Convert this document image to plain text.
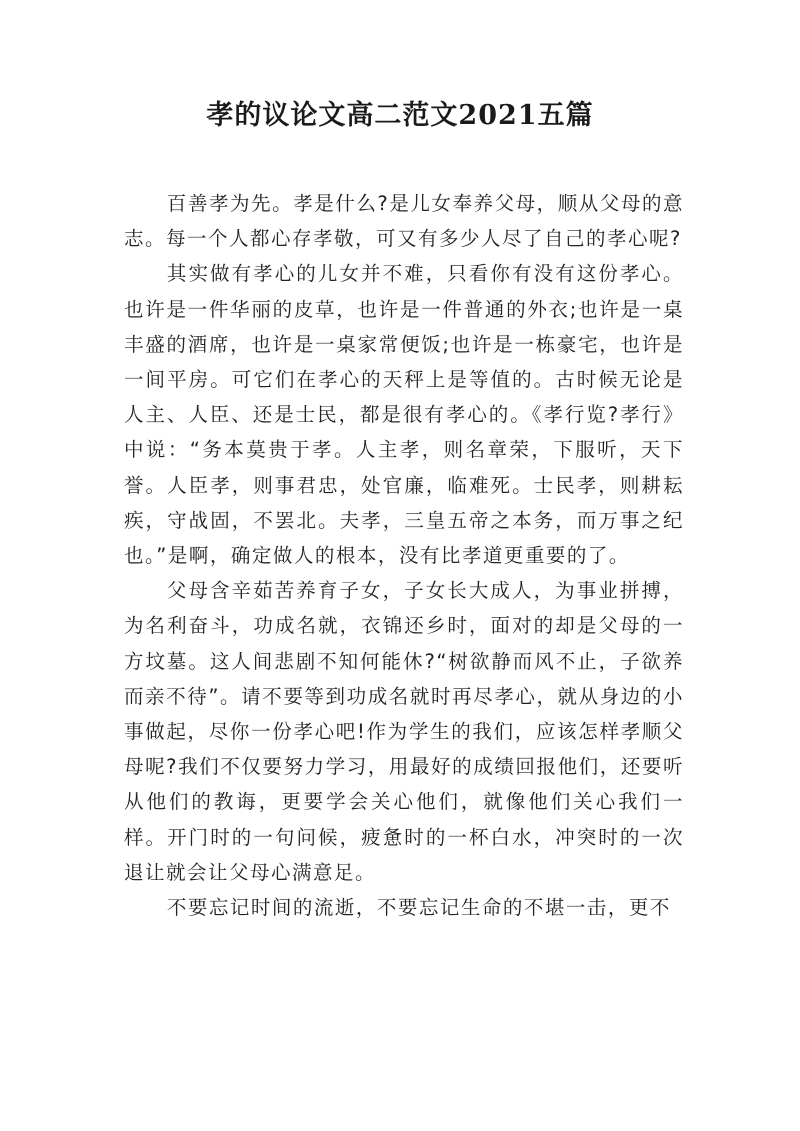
孝的议论文高二范文2021五篇

百善孝为先。孝是什么?是儿女奉养父母，顺从父母的意志。每一个人都心存孝敬，可又有多少人尽了自己的孝心呢?

其实做有孝心的儿女并不难，只看你有没有这份孝心。也许是一件华丽的皮草，也许是一件普通的外衣;也许是一桌丰盛的酒席，也许是一桌家常便饭;也许是一栋豪宅，也许是一间平房。可它们在孝心的天秤上是等值的。古时候无论是人主、人臣、还是士民，都是很有孝心的。《孝行览?孝行》中说：“务本莫贵于孝。人主孝，则名章荣，下服听，天下誉。人臣孝，则事君忠，处官廉，临难死。士民孝，则耕耘疾，守战固，不罢北。夫孝，三皇五帝之本务，而万事之纪也。”是啊，确定做人的根本，没有比孝道更重要的了。

父母含辛茹苦养育子女，子女长大成人，为事业拼搏，为名利奋斗，功成名就，衣锦还乡时，面对的却是父母的一方坟墓。这人间悲剧不知何能休?“树欲静而风不止，子欲养而亲不待”。请不要等到功成名就时再尽孝心，就从身边的小事做起，尽你一份孝心吧!作为学生的我们，应该怎样孝顺父母呢?我们不仅要努力学习，用最好的成绩回报他们，还要听从他们的教诲，更要学会关心他们，就像他们关心我们一样。开门时的一句问候，疲惫时的一杯白水，冲突时的一次退让就会让父母心满意足。

不要忘记时间的流逝，不要忘记生命的不堪一击，更不
